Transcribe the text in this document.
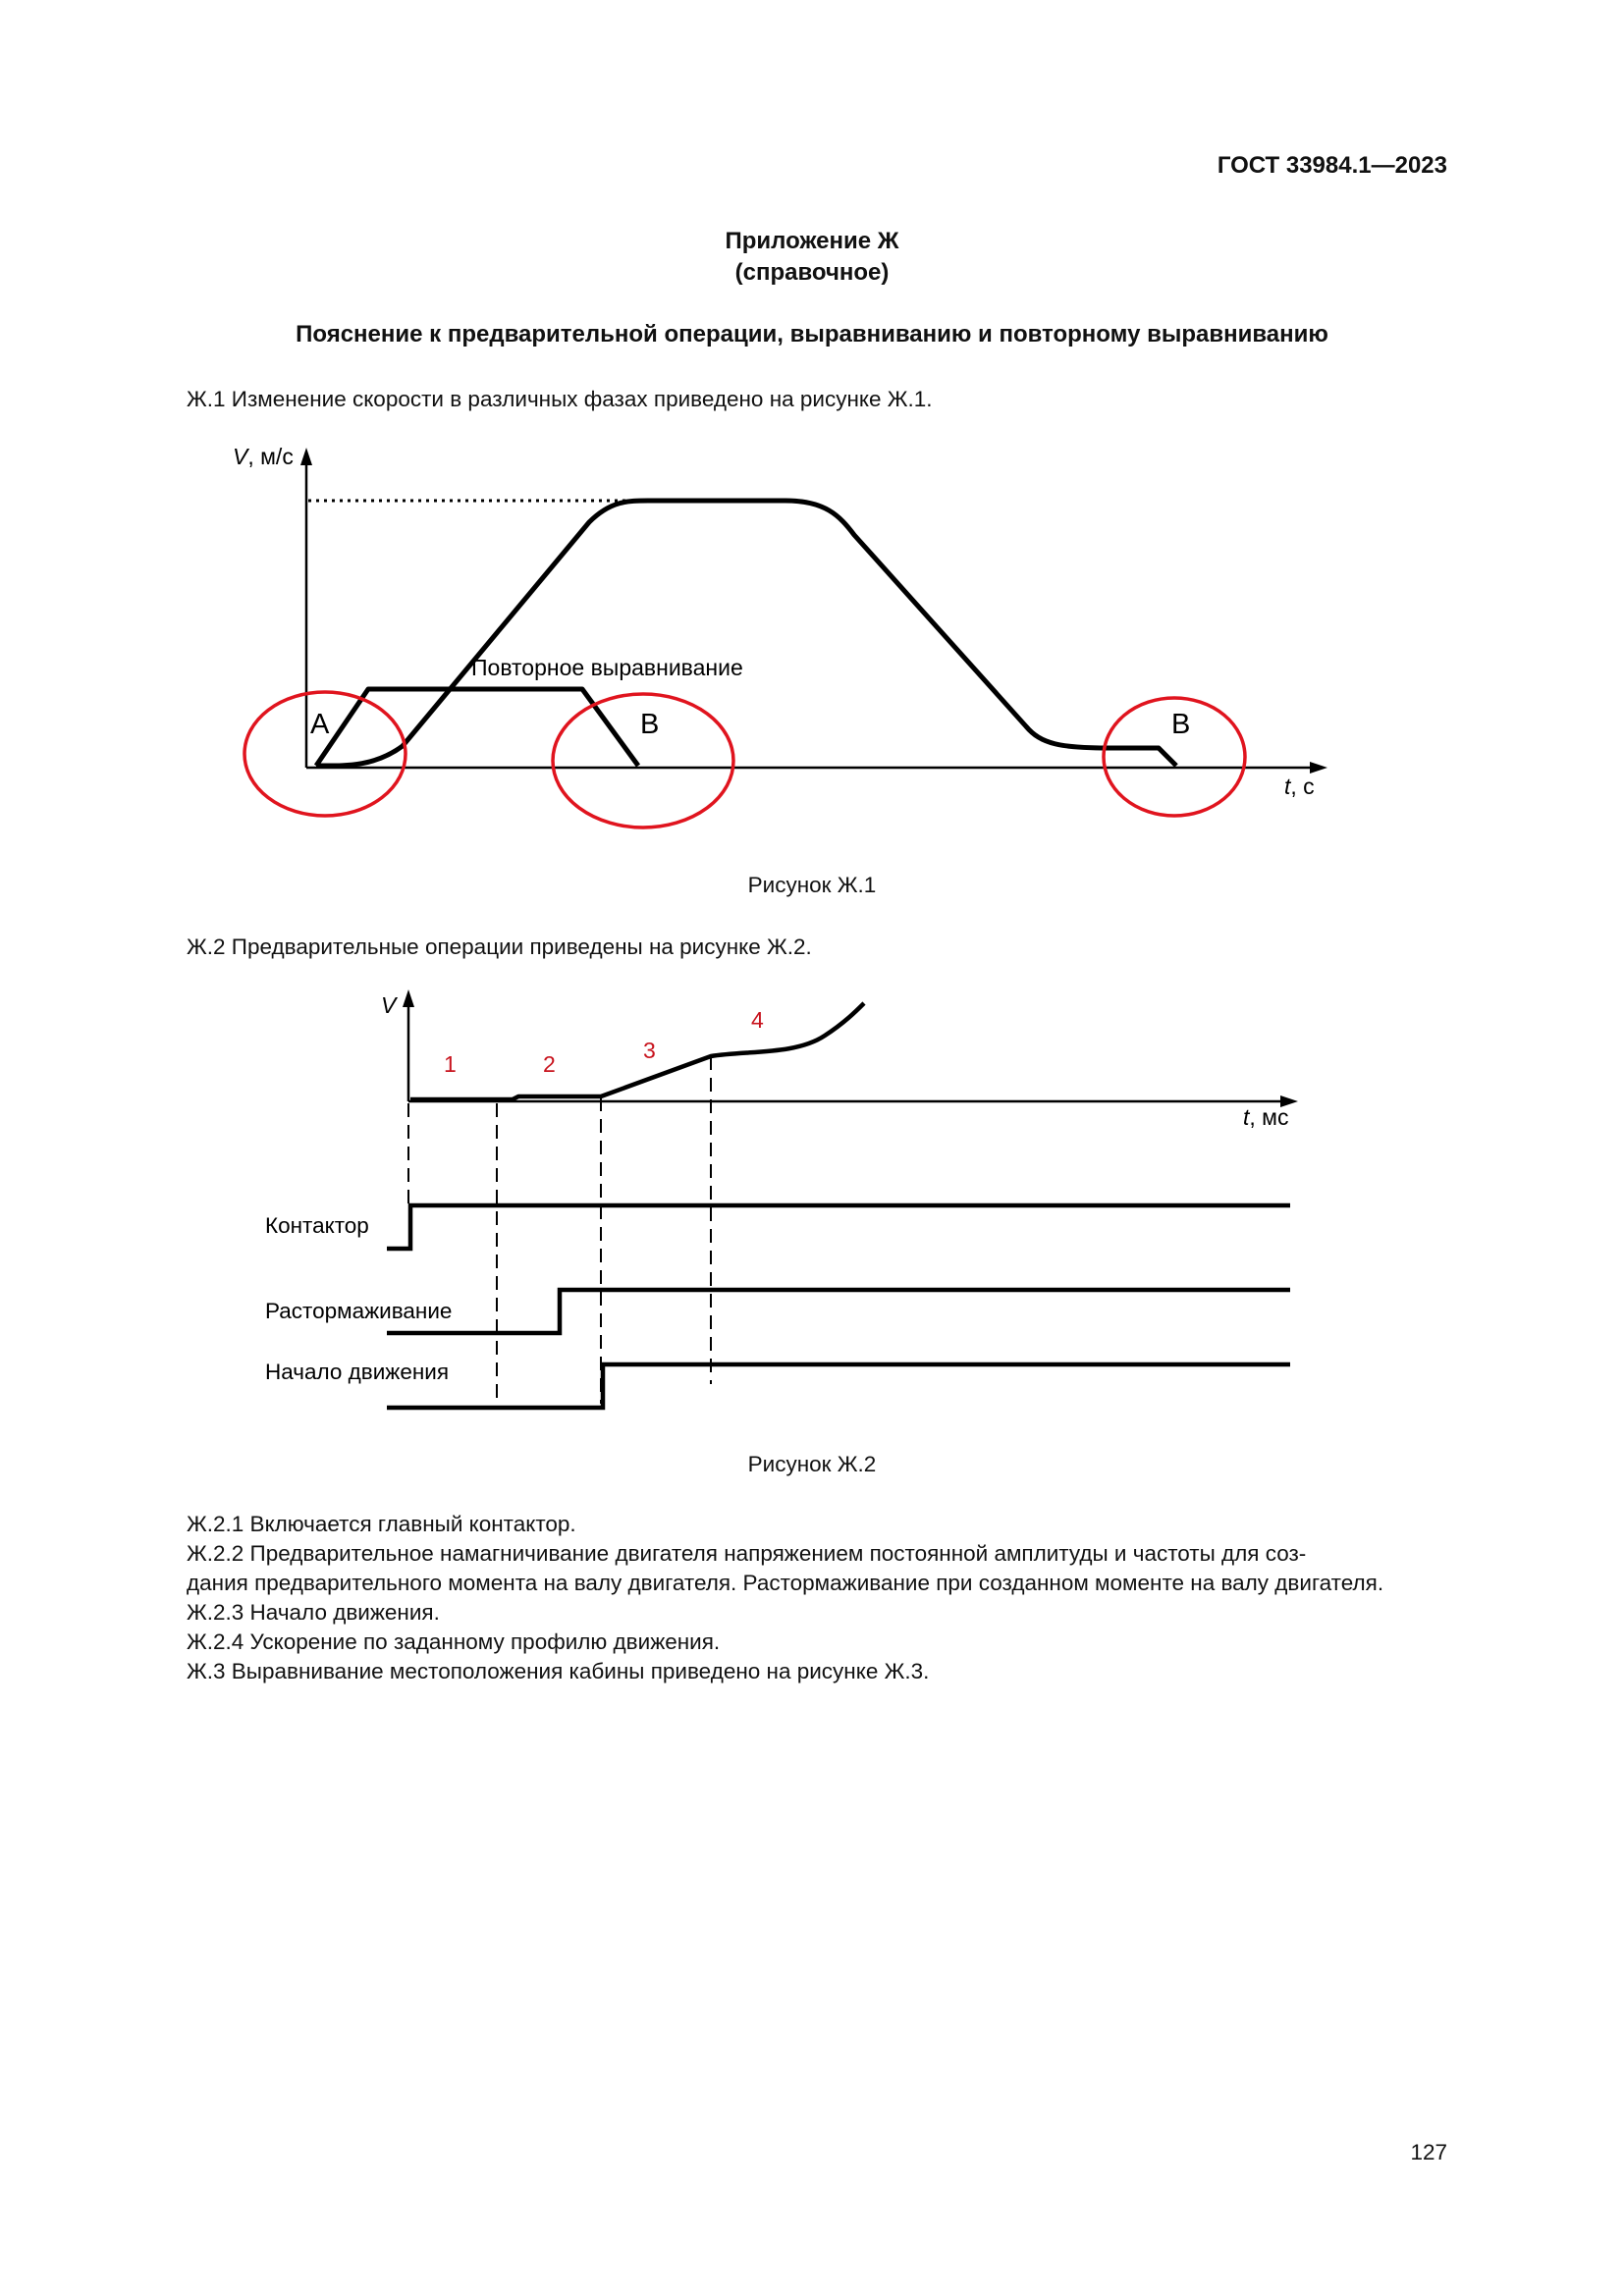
ГОСТ 33984.1—2023
Приложение Ж
(справочное)
Пояснение к предварительной операции, выравниванию и повторному выравниванию
Ж.1 Изменение скорости в различных фазах приведено на рисунке Ж.1.
V, м/с
t, с
Повторное выравнивание
А	В	В
Рисунок Ж.1
Ж.2 Предварительные операции приведены на рисунке Ж.2.
V
t, мс
1	2
3
4
Контактор
Растормаживание
Начало движения
Рисунок Ж.2
Ж.2.1 Включается главный контактор.
Ж.2.2 Предварительное намагничивание двигателя напряжением постоянной амплитуды и частоты для соз-
дания предварительного момента на валу двигателя. Растормаживание при созданном моменте на валу двигателя.
Ж.2.3 Начало движения.
Ж.2.4 Ускорение по заданному профилю движения.
Ж.3 Выравнивание местоположения кабины приведено на рисунке Ж.3.
127
